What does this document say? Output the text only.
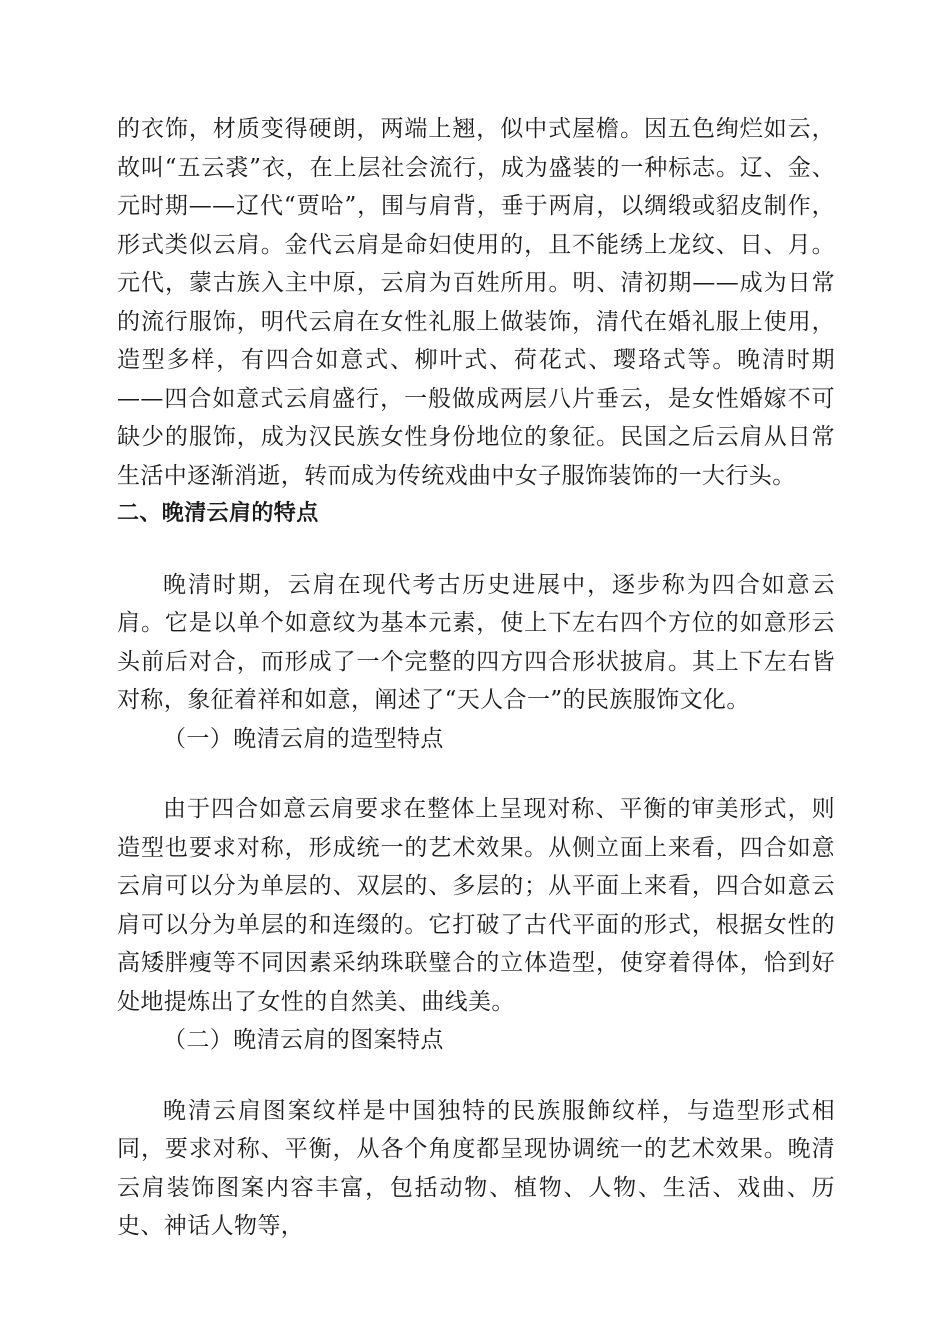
的衣饰，材质变得硬朗，两端上翘，似中式屋檐。因五色绚烂如云，故叫“五云裘”衣，在上层社会流行，成为盛装的一种标志。辽、金、元时期——辽代“贾哈”，围与肩背，垂于两肩，以绸缎或貂皮制作，形式类似云肩。金代云肩是命妇使用的，且不能绣上龙纹、日、月。元代，蒙古族入主中原，云肩为百姓所用。明、清初期——成为日常的流行服饰，明代云肩在女性礼服上做装饰，清代在婚礼服上使用，造型多样，有四合如意式、柳叶式、荷花式、璎珞式等。晚清时期——四合如意式云肩盛行，一般做成两层八片垂云，是女性婚嫁不可缺少的服饰，成为汉民族女性身份地位的象征。民国之后云肩从日常生活中逐渐消逝，转而成为传统戏曲中女子服饰装饰的一大行头。

二、晚清云肩的特点

晚清时期，云肩在现代考古历史进展中，逐步称为四合如意云肩。它是以单个如意纹为基本元素，使上下左右四个方位的如意形云头前后对合，而形成了一个完整的四方四合形状披肩。其上下左右皆对称，象征着祥和如意，阐述了“天人合一”的民族服饰文化。

（一）晚清云肩的造型特点

由于四合如意云肩要求在整体上呈现对称、平衡的审美形式，则造型也要求对称，形成统一的艺术效果。从侧立面上来看，四合如意云肩可以分为单层的、双层的、多层的；从平面上来看，四合如意云肩可以分为单层的和连缀的。它打破了古代平面的形式，根据女性的高矮胖瘦等不同因素采纳珠联璧合的立体造型，使穿着得体，恰到好处地提炼出了女性的自然美、曲线美。

（二）晚清云肩的图案特点

晚清云肩图案纹样是中国独特的民族服飾纹样，与造型形式相同，要求对称、平衡，从各个角度都呈现协调统一的艺术效果。晚清云肩装饰图案内容丰富，包括动物、植物、人物、生活、戏曲、历史、神话人物等，
